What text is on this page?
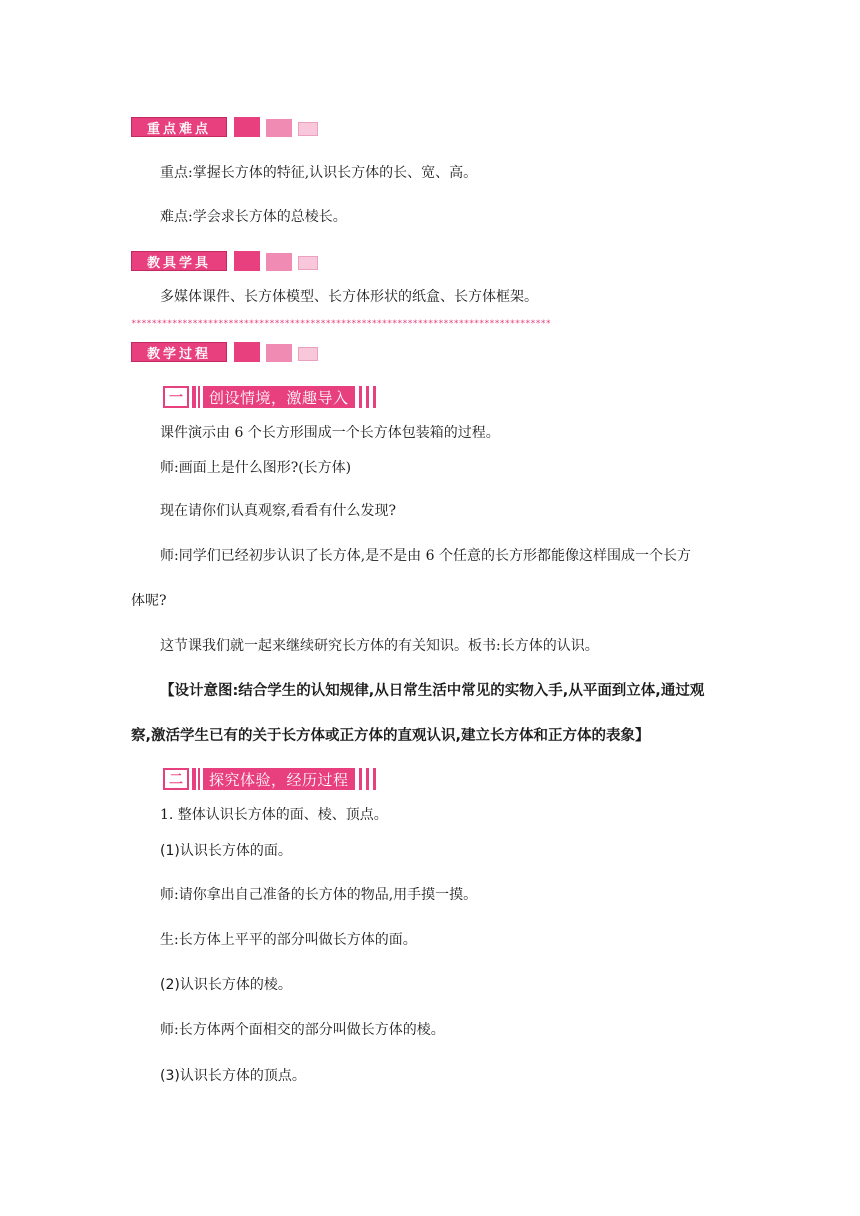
重点难点
重点:掌握长方体的特征,认识长方体的长、宽、高。
难点:学会求长方体的总棱长。
教具学具
多媒体课件、长方体模型、长方体形状的纸盒、长方体框架。
**********************************************************************************
教学过程
一	创设情境，激趣导入
课件演示由 6 个长方形围成一个长方体包装箱的过程。
师:画面上是什么图形?(长方体)
现在请你们认真观察,看看有什么发现?
师:同学们已经初步认识了长方体,是不是由 6 个任意的长方形都能像这样围成一个长方
体呢?
这节课我们就一起来继续研究长方体的有关知识。板书:长方体的认识。
【设计意图:结合学生的认知规律,从日常生活中常见的实物入手,从平面到立体,通过观
察,激活学生已有的关于长方体或正方体的直观认识,建立长方体和正方体的表象】
二	探究体验，经历过程
1. 整体认识长方体的面、棱、顶点。
(1)认识长方体的面。
师:请你拿出自己准备的长方体的物品,用手摸一摸。
生:长方体上平平的部分叫做长方体的面。
(2)认识长方体的棱。
师:长方体两个面相交的部分叫做长方体的棱。
(3)认识长方体的顶点。
